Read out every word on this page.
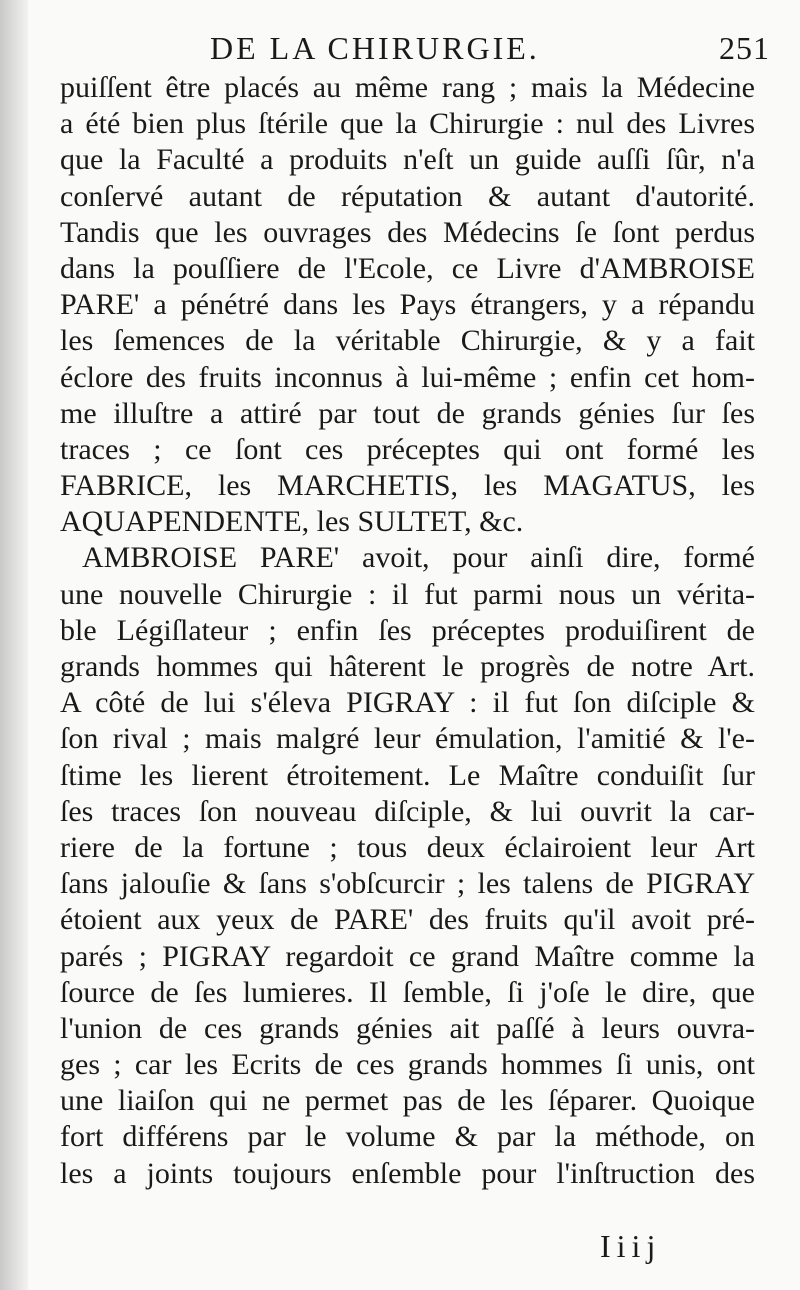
DE LA CHIRURGIE.	251
puiſſent être placés au même rang ; mais la Médecine
a été bien plus ſtérile que la Chirurgie : nul des Livres
que la Faculté a produits n'eſt un guide auſſi ſûr, n'a
conſervé autant de réputation & autant d'autorité.
Tandis que les ouvrages des Médecins ſe ſont perdus
dans la pouſſiere de l'Ecole, ce Livre d'AMBROISE
PARE' a pénétré dans les Pays étrangers, y a répandu
les ſemences de la véritable Chirurgie, & y a fait
éclore des fruits inconnus à lui-même ; enfin cet hom-
me illuſtre a attiré par tout de grands génies ſur ſes
traces ; ce ſont ces préceptes qui ont formé les
FABRICE, les MARCHETIS, les MAGATUS, les
AQUAPENDENTE, les SULTET, &c.
AMBROISE PARE' avoit, pour ainſi dire, formé
une nouvelle Chirurgie : il fut parmi nous un vérita-
ble Légiſlateur ; enfin ſes préceptes produiſirent de
grands hommes qui hâterent le progrès de notre Art.
A côté de lui s'éleva PIGRAY : il fut ſon diſciple &
ſon rival ; mais malgré leur émulation, l'amitié & l'e-
ſtime les lierent étroitement. Le Maître conduiſit ſur
ſes traces ſon nouveau diſciple, & lui ouvrit la car-
riere de la fortune ; tous deux éclairoient leur Art
ſans jalouſie & ſans s'obſcurcir ; les talens de PIGRAY
étoient aux yeux de PARE' des fruits qu'il avoit pré-
parés ; PIGRAY regardoit ce grand Maître comme la
ſource de ſes lumieres. Il ſemble, ſi j'oſe le dire, que
l'union de ces grands génies ait paſſé à leurs ouvra-
ges ; car les Ecrits de ces grands hommes ſi unis, ont
une liaiſon qui ne permet pas de les ſéparer. Quoique
fort différens par le volume & par la méthode, on
les a joints toujours enſemble pour l'inſtruction des
Iiij
